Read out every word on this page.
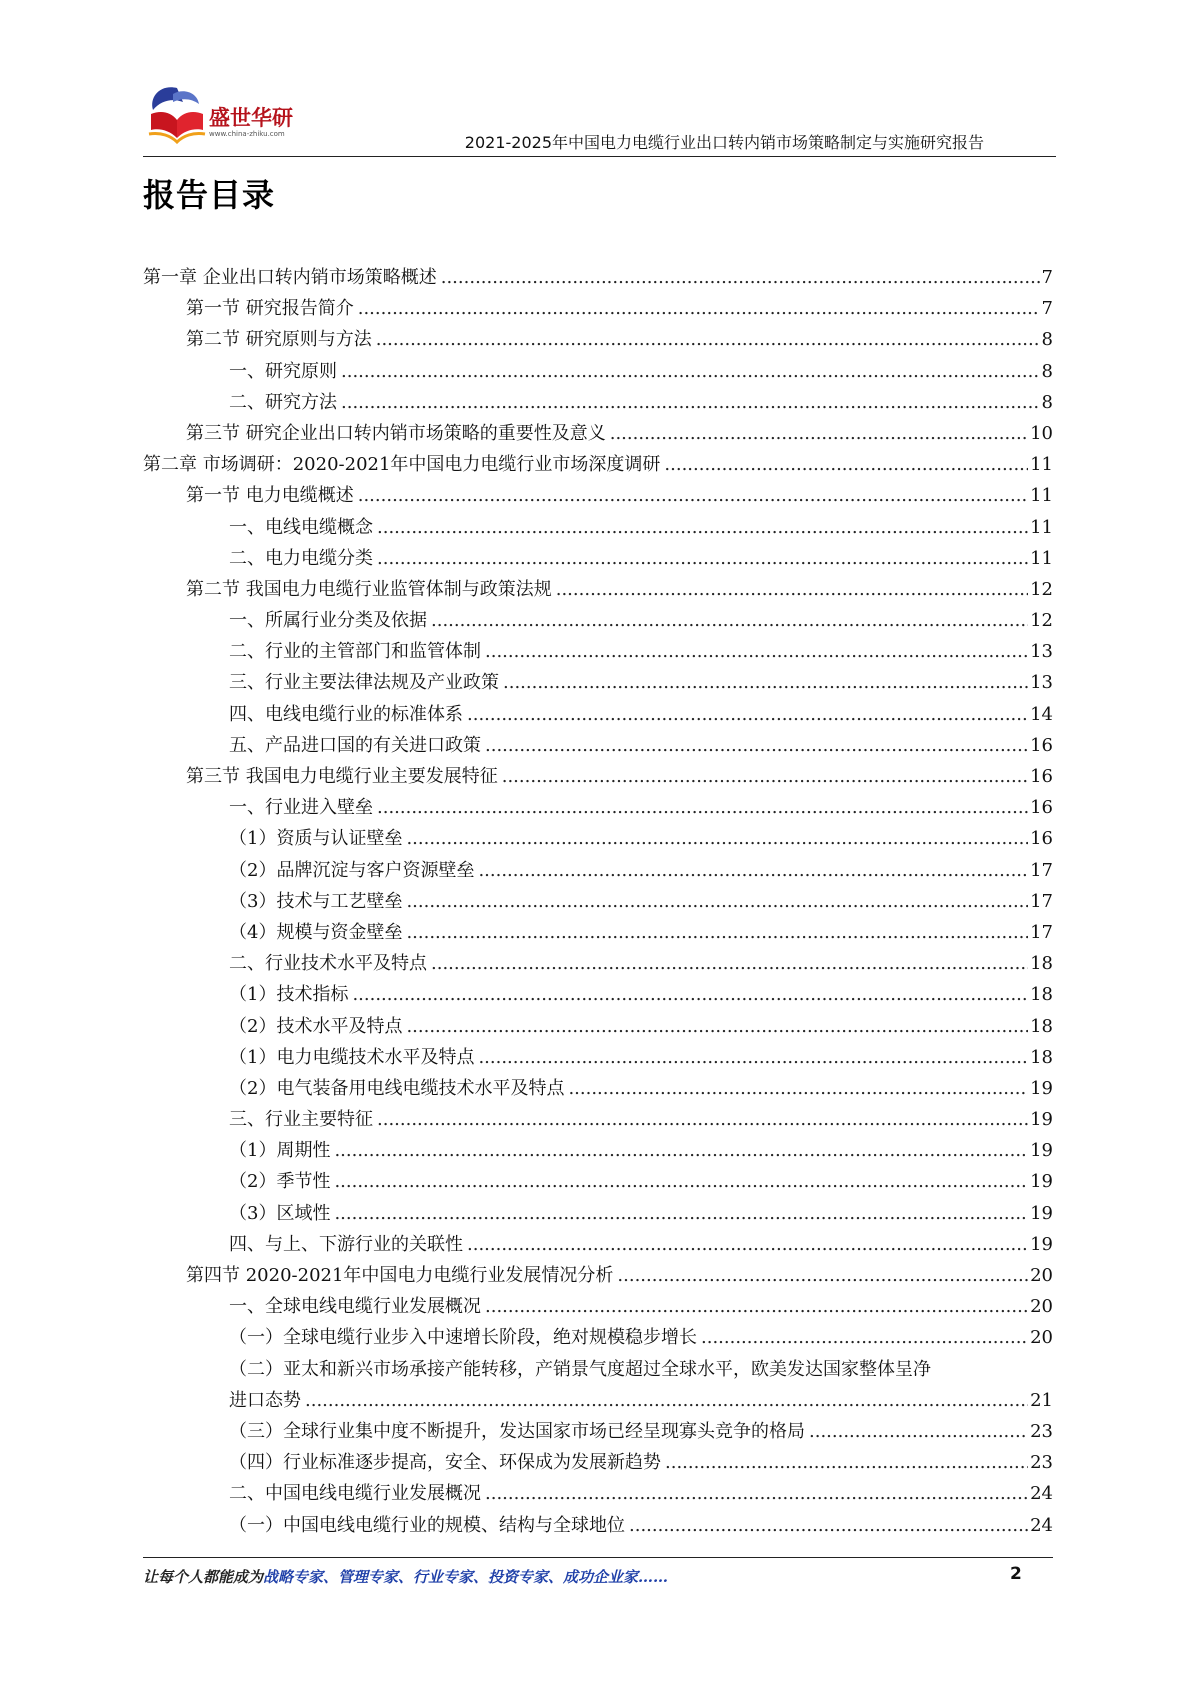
盛世华研
www.china-zhiku.com	2021-2025年中国电力电缆行业出口转内销市场策略制定与实施研究报告
报告目录
第一章 企业出口转内销市场策略概述 .....	7
第一节 研究报告简介 .....	7
第二节 研究原则与方法 .....	8
一、研究原则 .....	8
二、研究方法 .....	8
第三节 研究企业出口转内销市场策略的重要性及意义 .....	10
第二章 市场调研：2020-2021年中国电力电缆行业市场深度调研 .....	11
第一节 电力电缆概述 .....	11
一、电线电缆概念 .....	11
二、电力电缆分类 .....	11
第二节 我国电力电缆行业监管体制与政策法规 .....	12
一、所属行业分类及依据 .....	12
二、行业的主管部门和监管体制 .....	13
三、行业主要法律法规及产业政策 .....	13
四、电线电缆行业的标准体系 .....	14
五、产品进口国的有关进口政策 .....	16
第三节 我国电力电缆行业主要发展特征 .....	16
一、行业进入壁垒 .....	16
（1）资质与认证壁垒 .....	16
（2）品牌沉淀与客户资源壁垒 .....	17
（3）技术与工艺壁垒 .....	17
（4）规模与资金壁垒 .....	17
二、行业技术水平及特点 .....	18
（1）技术指标 .....	18
（2）技术水平及特点 .....	18
（1）电力电缆技术水平及特点 .....	18
（2）电气装备用电线电缆技术水平及特点 .....	19
三、行业主要特征 .....	19
（1）周期性 .....	19
（2）季节性 .....	19
（3）区域性 .....	19
四、与上、下游行业的关联性 .....	19
第四节 2020-2021年中国电力电缆行业发展情况分析 .....	20
一、全球电线电缆行业发展概况 .....	20
（一）全球电缆行业步入中速增长阶段，绝对规模稳步增长 .....	20
（二）亚太和新兴市场承接产能转移，产销景气度超过全球水平，欧美发达国家整体呈净
进口态势 .....	21
（三）全球行业集中度不断提升，发达国家市场已经呈现寡头竞争的格局 .....	23
（四）行业标准逐步提高，安全、环保成为发展新趋势 .....	23
二、中国电线电缆行业发展概况 .....	24
（一）中国电线电缆行业的规模、结构与全球地位 .....	24
让每个人都能成为战略专家、管理专家、行业专家、投资专家、成功企业家……	2
